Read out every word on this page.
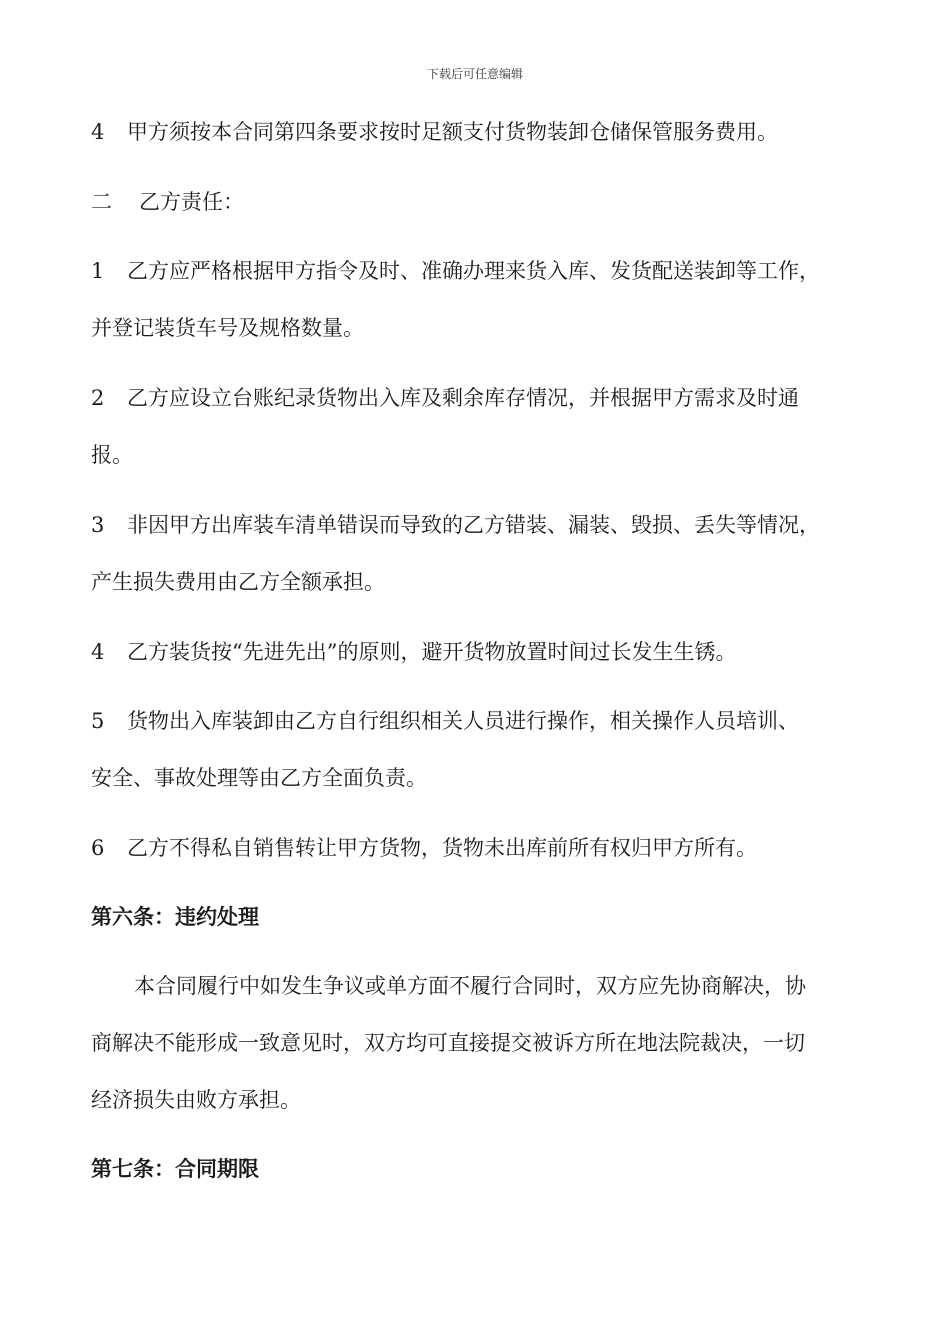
下载后可任意编辑
4 甲方须按本合同第四条要求按时足额支付货物装卸仓储保管服务费用。
二 乙方责任：
1 乙方应严格根据甲方指令及时、准确办理来货入库、发货配送装卸等工作，
并登记装货车号及规格数量。
2 乙方应设立台账纪录货物出入库及剩余库存情况，并根据甲方需求及时通
报。
3 非因甲方出库装车清单错误而导致的乙方错装、漏装、毁损、丢失等情况，
产生损失费用由乙方全额承担。
4 乙方装货按“先进先出”的原则，避开货物放置时间过长发生生锈。
5 货物出入库装卸由乙方自行组织相关人员进行操作，相关操作人员培训、
安全、事故处理等由乙方全面负责。
6 乙方不得私自销售转让甲方货物，货物未出库前所有权归甲方所有。
第六条：违约处理
本合同履行中如发生争议或单方面不履行合同时，双方应先协商解决，协
商解决不能形成一致意见时，双方均可直接提交被诉方所在地法院裁决，一切
经济损失由败方承担。
第七条：合同期限
